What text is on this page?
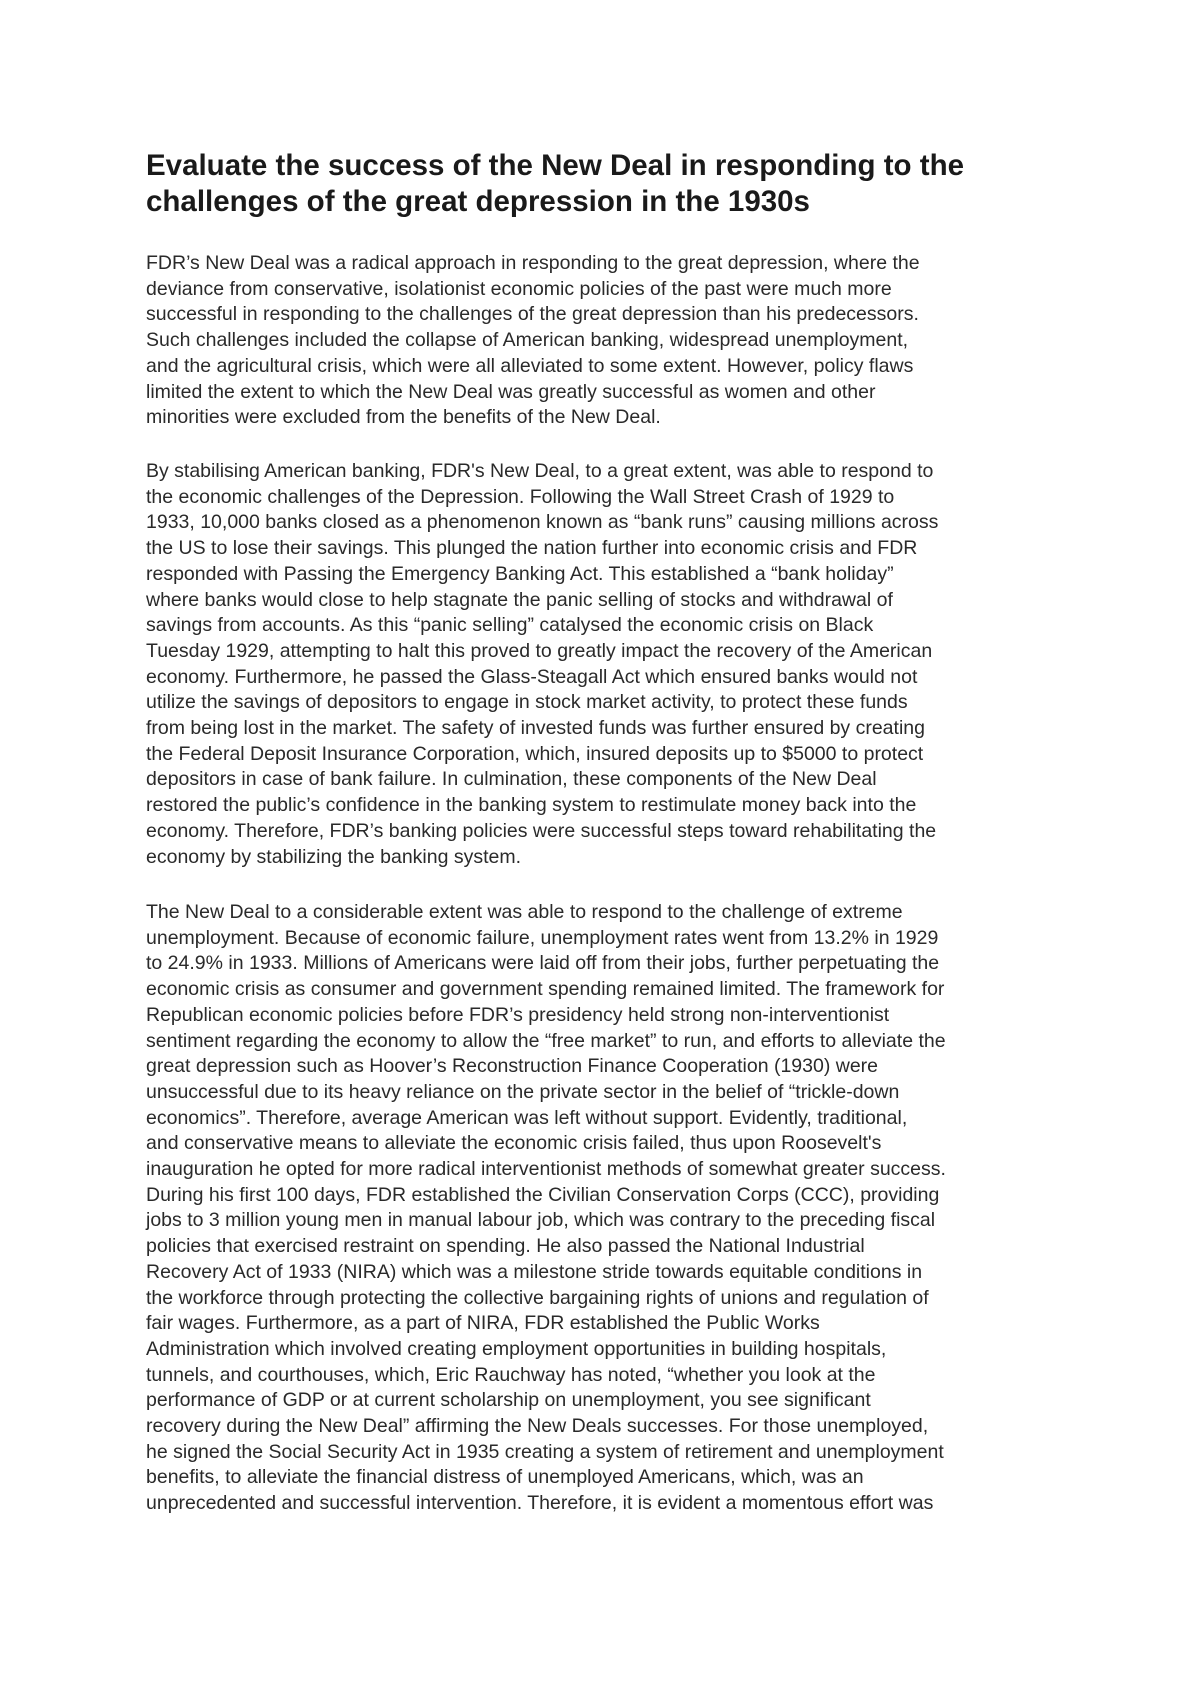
Evaluate the success of the New Deal in responding to the
challenges of the great depression in the 1930s
FDR’s New Deal was a radical approach in responding to the great depression, where the
deviance from conservative, isolationist economic policies of the past were much more
successful in responding to the challenges of the great depression than his predecessors.
Such challenges included the collapse of American banking, widespread unemployment,
and the agricultural crisis, which were all alleviated to some extent. However, policy flaws
limited the extent to which the New Deal was greatly successful as women and other
minorities were excluded from the benefits of the New Deal.
By stabilising American banking, FDR's New Deal, to a great extent, was able to respond to
the economic challenges of the Depression. Following the Wall Street Crash of 1929 to
1933, 10,000 banks closed as a phenomenon known as “bank runs” causing millions across
the US to lose their savings. This plunged the nation further into economic crisis and FDR
responded with Passing the Emergency Banking Act. This established a “bank holiday”
where banks would close to help stagnate the panic selling of stocks and withdrawal of
savings from accounts. As this “panic selling” catalysed the economic crisis on Black
Tuesday 1929, attempting to halt this proved to greatly impact the recovery of the American
economy. Furthermore, he passed the Glass-Steagall Act which ensured banks would not
utilize the savings of depositors to engage in stock market activity, to protect these funds
from being lost in the market. The safety of invested funds was further ensured by creating
the Federal Deposit Insurance Corporation, which, insured deposits up to $5000 to protect
depositors in case of bank failure. In culmination, these components of the New Deal
restored the public’s confidence in the banking system to restimulate money back into the
economy. Therefore, FDR’s banking policies were successful steps toward rehabilitating the
economy by stabilizing the banking system.
The New Deal to a considerable extent was able to respond to the challenge of extreme
unemployment. Because of economic failure, unemployment rates went from 13.2% in 1929
to 24.9% in 1933. Millions of Americans were laid off from their jobs, further perpetuating the
economic crisis as consumer and government spending remained limited. The framework for
Republican economic policies before FDR’s presidency held strong non-interventionist
sentiment regarding the economy to allow the “free market” to run, and efforts to alleviate the
great depression such as Hoover’s Reconstruction Finance Cooperation (1930) were
unsuccessful due to its heavy reliance on the private sector in the belief of “trickle-down
economics”. Therefore, average American was left without support. Evidently, traditional,
and conservative means to alleviate the economic crisis failed, thus upon Roosevelt's
inauguration he opted for more radical interventionist methods of somewhat greater success.
During his first 100 days, FDR established the Civilian Conservation Corps (CCC), providing
jobs to 3 million young men in manual labour job, which was contrary to the preceding fiscal
policies that exercised restraint on spending. He also passed the National Industrial
Recovery Act of 1933 (NIRA) which was a milestone stride towards equitable conditions in
the workforce through protecting the collective bargaining rights of unions and regulation of
fair wages. Furthermore, as a part of NIRA, FDR established the Public Works
Administration which involved creating employment opportunities in building hospitals,
tunnels, and courthouses, which, Eric Rauchway has noted, “whether you look at the
performance of GDP or at current scholarship on unemployment, you see significant
recovery during the New Deal” affirming the New Deals successes. For those unemployed,
he signed the Social Security Act in 1935 creating a system of retirement and unemployment
benefits, to alleviate the financial distress of unemployed Americans, which, was an
unprecedented and successful intervention. Therefore, it is evident a momentous effort was
